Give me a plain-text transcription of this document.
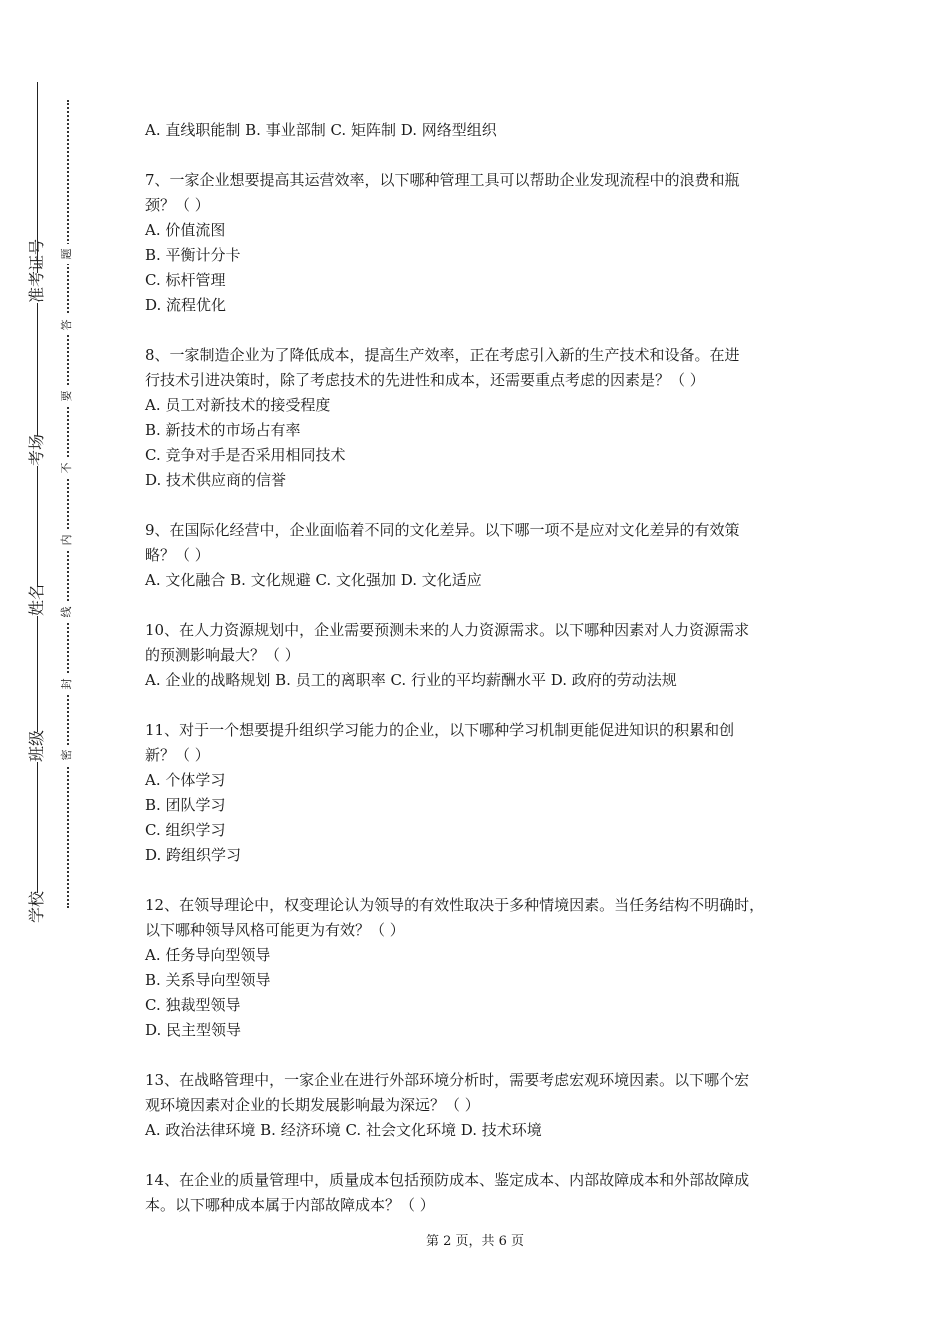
准考证号
考场
姓名
班级
学校
题
答
要
不
内
线
封
密
A. 直线职能制 B. 事业部制 C. 矩阵制 D. 网络型组织
7、一家企业想要提高其运营效率，以下哪种管理工具可以帮助企业发现流程中的浪费和瓶
颈？（ ）
A. 价值流图
B. 平衡计分卡
C. 标杆管理
D. 流程优化
8、一家制造企业为了降低成本，提高生产效率，正在考虑引入新的生产技术和设备。在进
行技术引进决策时，除了考虑技术的先进性和成本，还需要重点考虑的因素是？（ ）
A. 员工对新技术的接受程度
B. 新技术的市场占有率
C. 竞争对手是否采用相同技术
D. 技术供应商的信誉
9、在国际化经营中，企业面临着不同的文化差异。以下哪一项不是应对文化差异的有效策
略？（ ）
A. 文化融合 B. 文化规避 C. 文化强加 D. 文化适应
10、在人力资源规划中，企业需要预测未来的人力资源需求。以下哪种因素对人力资源需求
的预测影响最大？（ ）
A. 企业的战略规划 B. 员工的离职率 C. 行业的平均薪酬水平 D. 政府的劳动法规
11、对于一个想要提升组织学习能力的企业，以下哪种学习机制更能促进知识的积累和创
新？（ ）
A. 个体学习
B. 团队学习
C. 组织学习
D. 跨组织学习
12、在领导理论中，权变理论认为领导的有效性取决于多种情境因素。当任务结构不明确时，
以下哪种领导风格可能更为有效？（ ）
A. 任务导向型领导
B. 关系导向型领导
C. 独裁型领导
D. 民主型领导
13、在战略管理中，一家企业在进行外部环境分析时，需要考虑宏观环境因素。以下哪个宏
观环境因素对企业的长期发展影响最为深远？（ ）
A. 政治法律环境 B. 经济环境 C. 社会文化环境 D. 技术环境
14、在企业的质量管理中，质量成本包括预防成本、鉴定成本、内部故障成本和外部故障成
本。以下哪种成本属于内部故障成本？（ ）
第 2 页，共 6 页
